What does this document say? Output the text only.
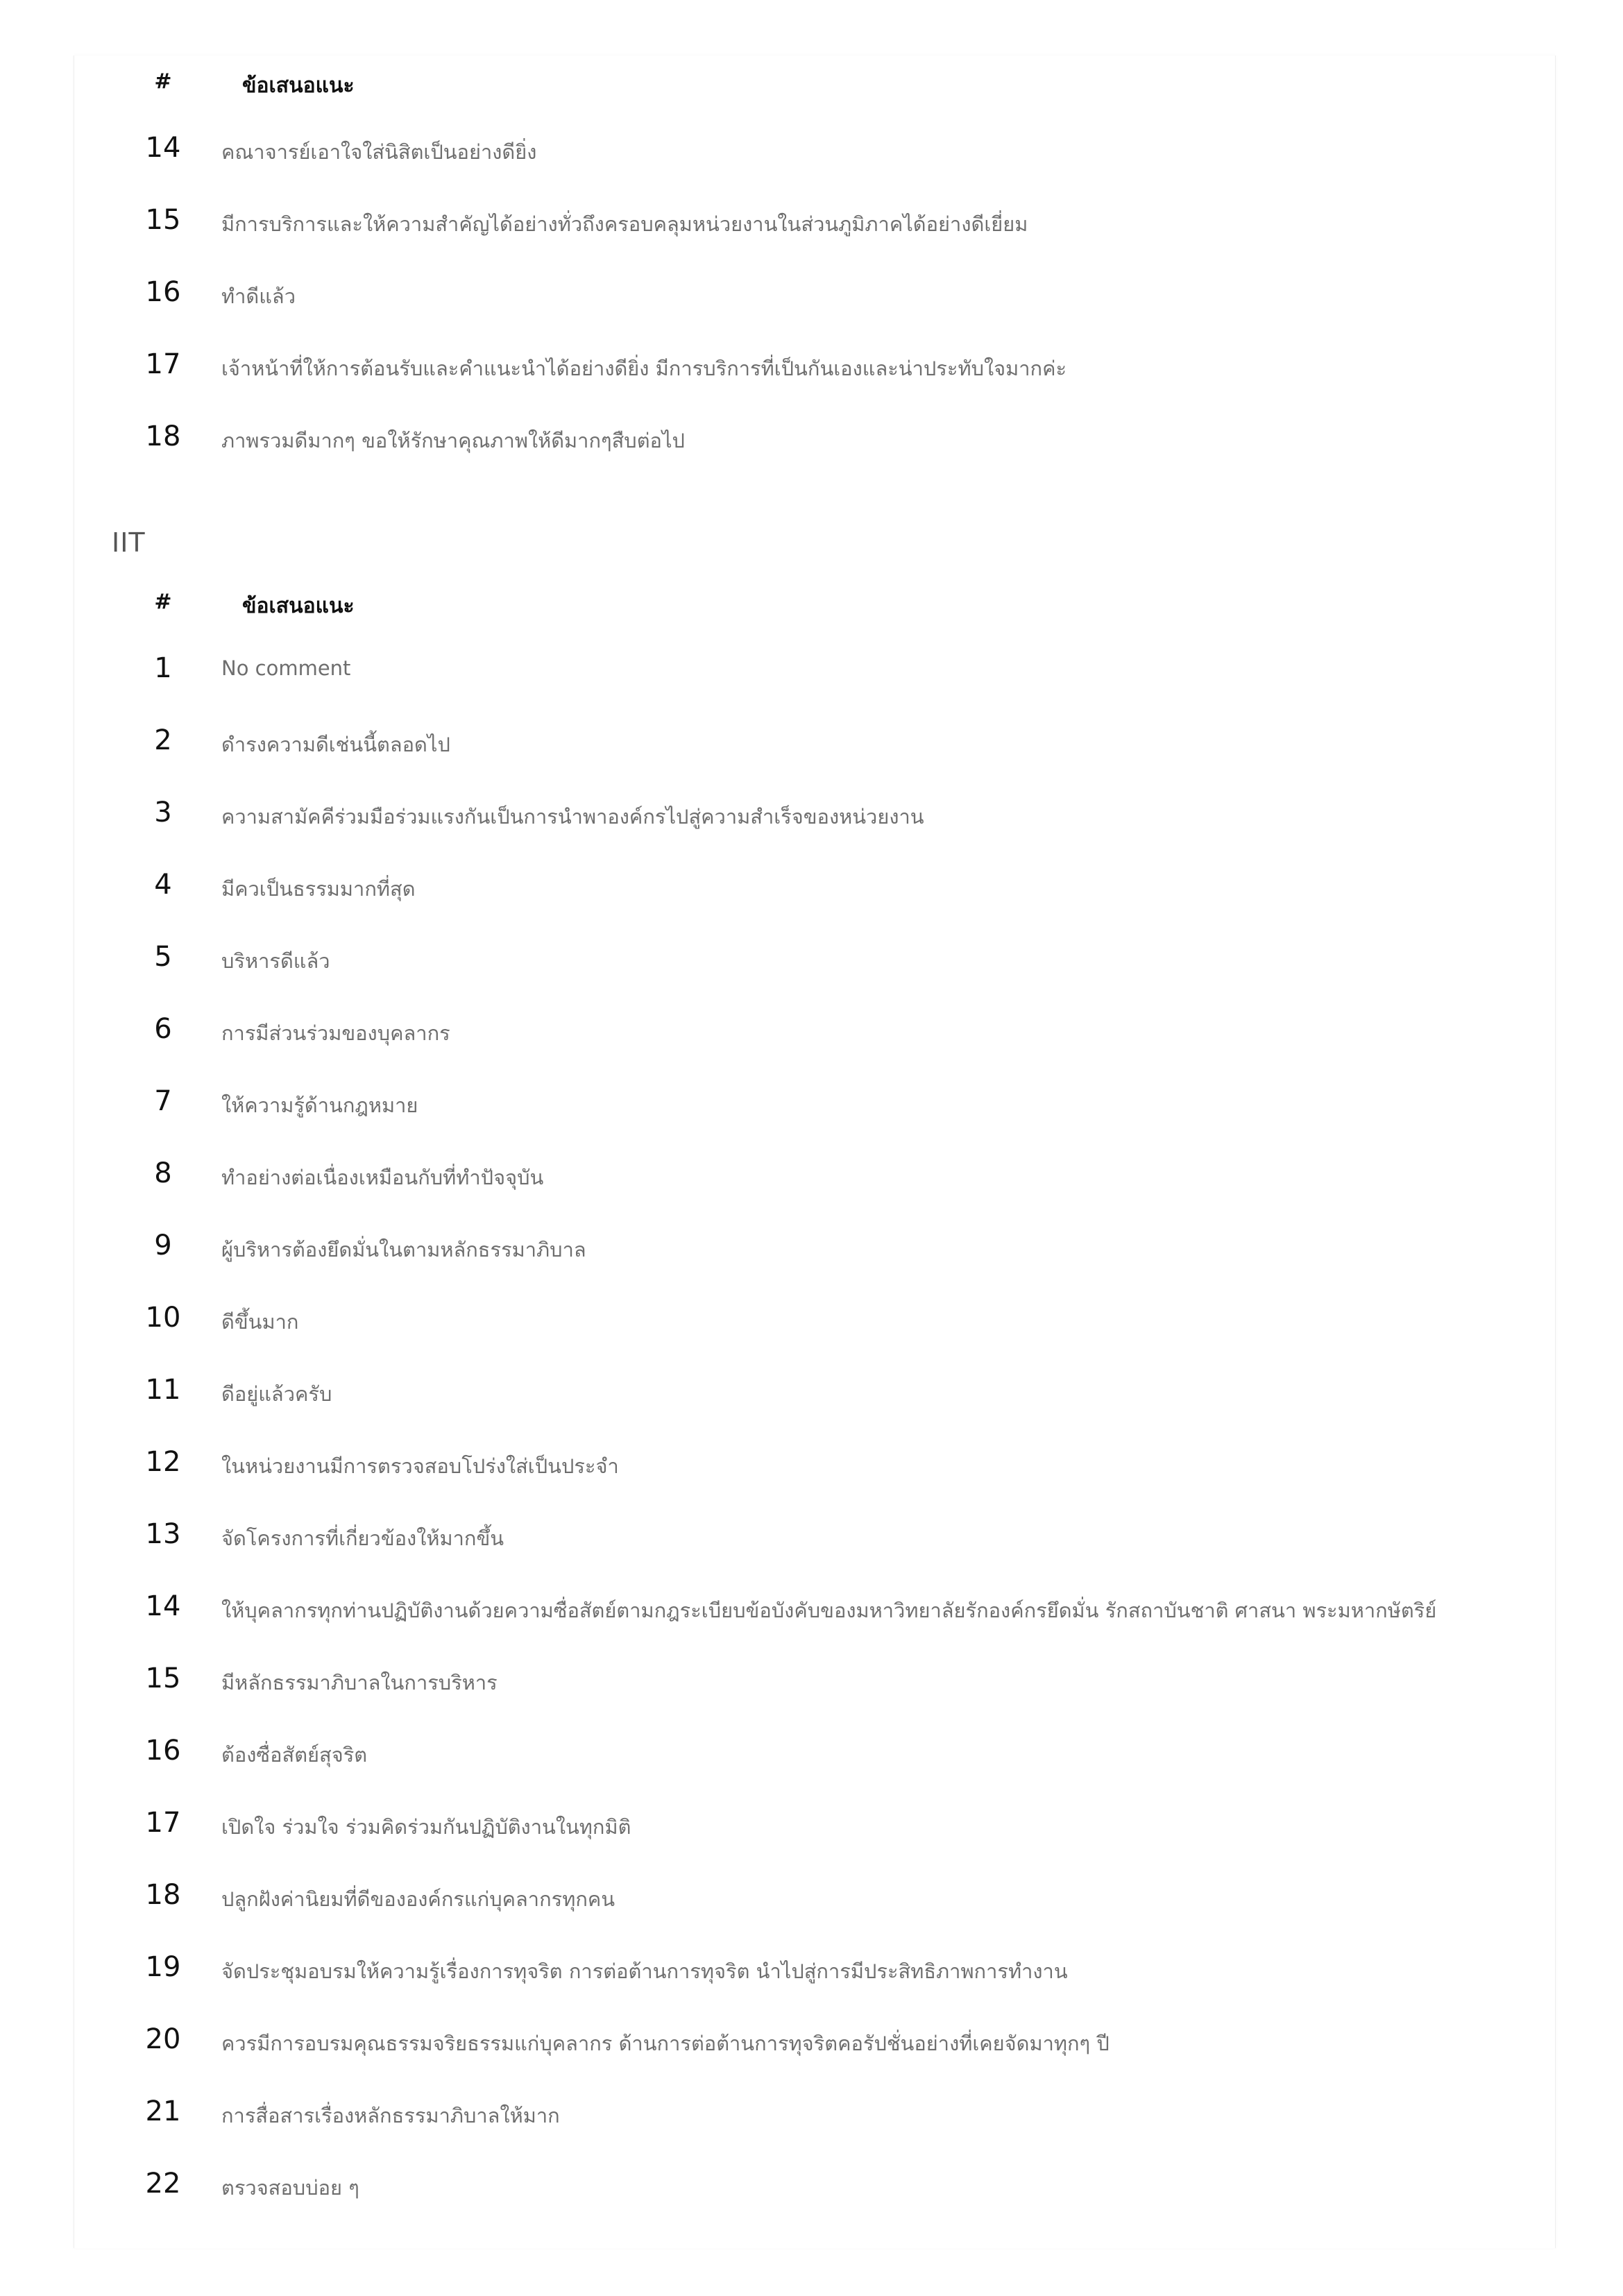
#	ข้อเสนอแนะ
14	คณาจารย์เอาใจใส่นิสิตเป็นอย่างดียิ่ง
15	มีการบริการและให้ความสำคัญได้อย่างทั่วถึงครอบคลุมหน่วยงานในส่วนภูมิภาคได้อย่างดีเยี่ยม
16	ทำดีแล้ว
17	เจ้าหน้าที่ให้การต้อนรับและคำแนะนำได้อย่างดียิ่ง มีการบริการที่เป็นกันเองและน่าประทับใจมากค่ะ
18	ภาพรวมดีมากๆ ขอให้รักษาคุณภาพให้ดีมากๆสืบต่อไป
IIT
#	ข้อเสนอแนะ
1	No comment
2	ดำรงความดีเช่นนี้ตลอดไป
3	ความสามัคคีร่วมมือร่วมแรงกันเป็นการนำพาองค์กรไปสู่ความสำเร็จของหน่วยงาน
4	มีควเป็นธรรมมากที่สุด
5	บริหารดีแล้ว
6	การมีส่วนร่วมของบุคลากร
7	ให้ความรู้ด้านกฎหมาย
8	ทำอย่างต่อเนื่องเหมือนกับที่ทำปัจจุบัน
9	ผู้บริหารต้องยึดมั่นในตามหลักธรรมาภิบาล
10	ดีขึ้นมาก
11	ดีอยู่แล้วครับ
12	ในหน่วยงานมีการตรวจสอบโปร่งใส่เป็นประจำ
13	จัดโครงการที่เกี่ยวข้องให้มากขึ้น
14	ให้บุคลากรทุกท่านปฏิบัติงานด้วยความซื่อสัตย์ตามกฎระเบียบข้อบังคับของมหาวิทยาลัยรักองค์กรยึดมั่น รักสถาบันชาติ ศาสนา พระมหากษัตริย์
15	มีหลักธรรมาภิบาลในการบริหาร
16	ต้องซื่อสัตย์สุจริต
17	เปิดใจ ร่วมใจ ร่วมคิดร่วมกันปฏิบัติงานในทุกมิติ
18	ปลูกฝังค่านิยมที่ดีขององค์กรแก่บุคลากรทุกคน
19	จัดประชุมอบรมให้ความรู้เรื่องการทุจริต การต่อต้านการทุจริต นำไปสู่การมีประสิทธิภาพการทำงาน
20	ควรมีการอบรมคุณธรรมจริยธรรมแก่บุคลากร ด้านการต่อต้านการทุจริตคอรัปชั่นอย่างที่เคยจัดมาทุกๆ ปี
21	การสื่อสารเรื่องหลักธรรมาภิบาลให้มาก
22	ตรวจสอบบ่อย ๆ
